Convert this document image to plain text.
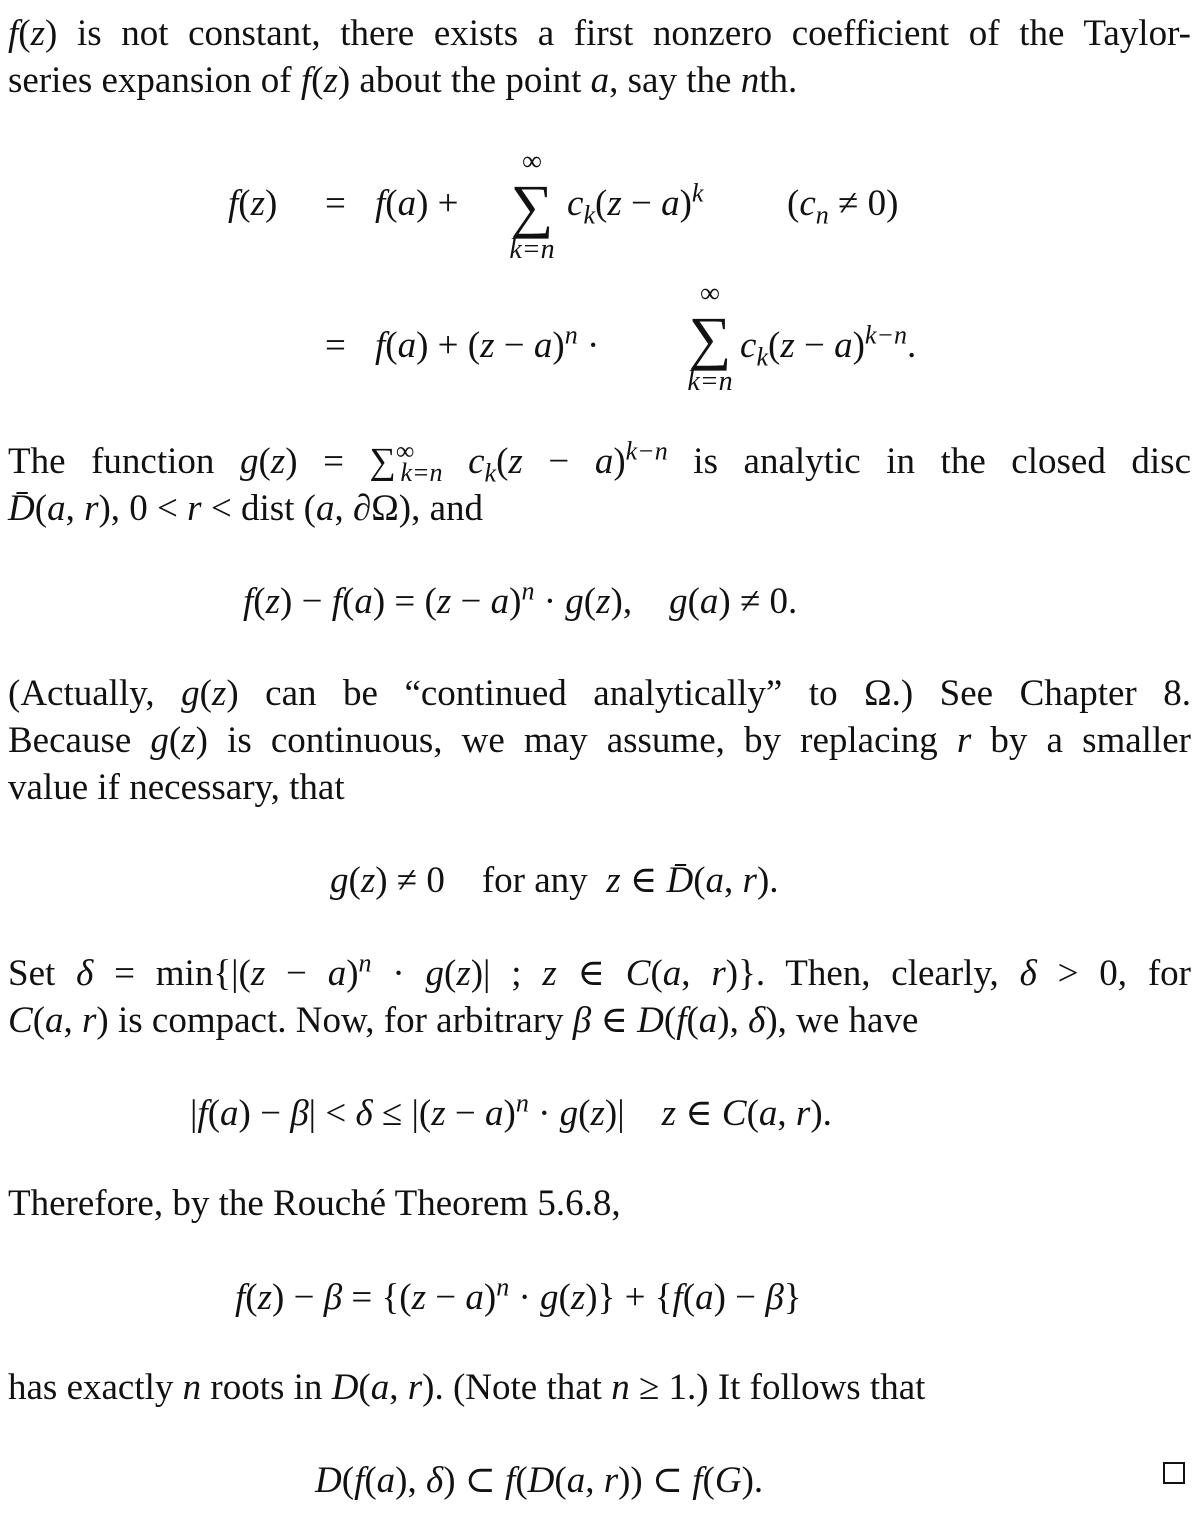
f(z) is not constant, there exists a first nonzero coefficient of the Taylor-

series expansion of f(z) about the point a, say the nth.

f(z) = f(a) +
∞
∑
k=n
$c_k(z - a)^k$ $(c_n \ne 0)$
= $f(a) + (z - a)^n$ ·
∞
∑
k=n
$c_k(z - a)^{k-n}$.

The function $g(z) = \sum^\infty_{k=n}$ $c_k(z - a)^{k-n}$ is analytic in the closed disc

D̄(a, r), 0 < r < dist (a, ∂Ω), and

$f(z) - f(a) = (z - a)^n \cdot g(z)$,    g(a) ≠ 0.

(Actually, g(z) can be “continued analytically” to Ω.) See Chapter 8.

Because g(z) is continuous, we may assume, by replacing r by a smaller

value if necessary, that

g(z) ≠ 0    for any  z ∈ D̄(a, r).

Set $\delta = \min\{|(z - a)^n \cdot g(z)|$ ; z ∈ C(a, r)}. Then, clearly, δ > 0, for

C(a, r) is compact. Now, for arbitrary β ∈ D(f(a), δ), we have

$|f(a) - \beta| < \delta \le |(z - a)^n \cdot g(z)|$    z ∈ C(a, r).

Therefore, by the Rouché Theorem 5.6.8,

$f(z) - \beta = \{(z - a)^n \cdot g(z)\} + \{f(a) - \beta\}$

has exactly n roots in D(a, r). (Note that n ≥ 1.) It follows that

D(f(a), δ) ⊂ f(D(a, r)) ⊂ f(G).
